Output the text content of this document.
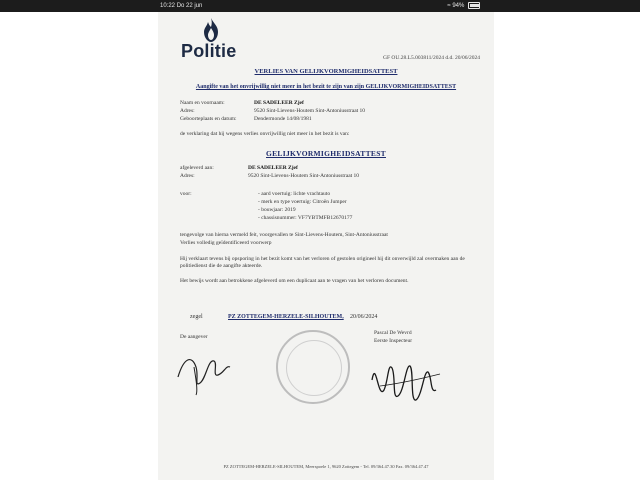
10:22 Do 22 jun	≈ 94%
Politie	GF OU.28.L5.003811/2024 d.d. 20/06/2024
VERLIES VAN GELIJKVORMIGHEIDSATTEST
Aangifte van het onvrijwillig niet meer in het bezit te zijn van zijn GELIJKVORMIGHEIDSATTEST
Naam en voornaam:	DE SADELEER Zjef
Adres:	9520 Sint-Lievens-Houtem Sint-Antoniusstraat 10
Geboorteplaats en datum:	Dendermonde 14/08/1981
de verklaring dat hij wegens verlies onvrijwillig niet meer in het bezit is van:
GELIJKVORMIGHEIDSATTEST
afgeleverd aan:	DE SADELEER Zjef
Adres:	9520 Sint-Lievens-Houtem Sint-Antoniusstraat 10
voor:	- aard voertuig: lichte vrachtauto
- merk en type voertuig: Citroën Jumper
- bouwjaar: 2019
- chassisnummer: VF7YBTMFB12670177
tengevolge van hierna vermeld feit, voorgevallen te Sint-Lievens-Houtem, Sint-Antoniusstraat
Verlies volledig geïdentificeerd voorwerp
Hij verklaart tevens bij opsporing in het bezit komt van het verloren of gestolen origineel hij dit onverwijld zal overmaken aan de politiedienst die de aangifte akteerde.
Het bewijs wordt aan betrokkene afgeleverd om een duplicaat aan te vragen van het verloren document.
zegel	PZ ZOTTEGEM-HERZELE-SILHOUTEM, 20/06/2024
De aangever
Pascal De Wevrd
Eerste Inspecteur
PZ ZOTTEGEM-HERZELE-SILHOUTEM, Meerspoele 1, 9620 Zottegem - Tel. 09/364.47.30 Fax. 09/364.47.47
